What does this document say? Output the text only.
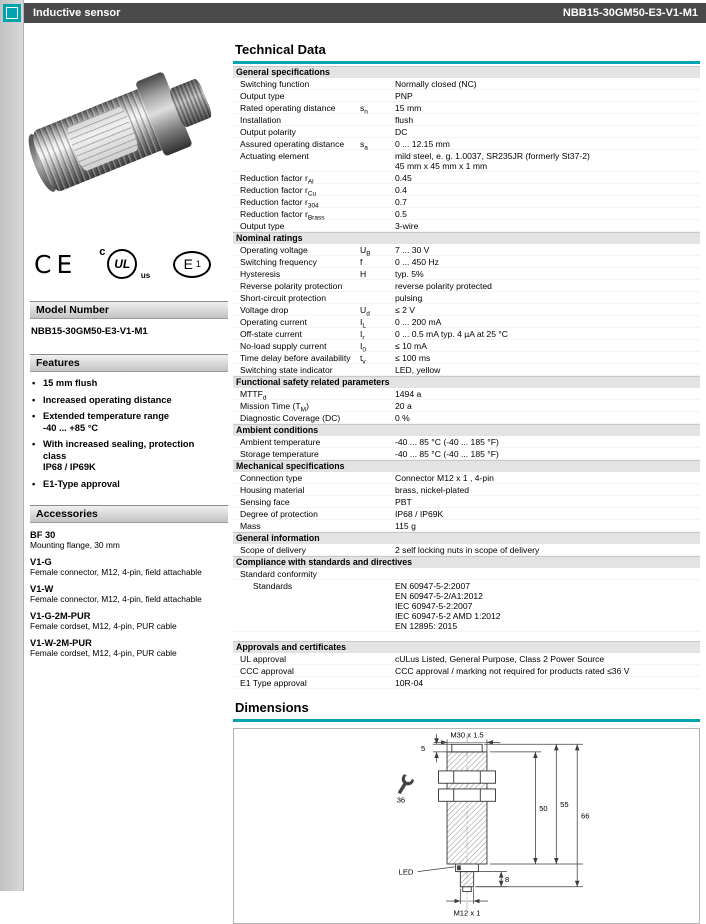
Inductive sensor	NBB15-30GM50-E3-V1-M1
CE	UL
c
us
E 1
Model Number
NBB15-30GM50-E3-V1-M1
Features
• 15 mm flush
• Increased operating distance
• Extended temperature range
-40 ... +85 °C
• With increased sealing, protection
class
IP68 / IP69K
• E1-Type approval
Accessories
BF 30
Mounting flange, 30 mm
V1-G
Female connector, M12, 4-pin, field attachable
V1-W
Female connector, M12, 4-pin, field attachable
V1-G-2M-PUR
Female cordset, M12, 4-pin, PUR cable
V1-W-2M-PUR
Female cordset, M12, 4-pin, PUR cable
Technical Data
General specifications
Switching function	Normally closed (NC)
Output type	PNP
Rated operating distance	$s_n$	15 mm
Installation	flush
Output polarity	DC
Assured operating distance	$s_a$	0 ... 12.15 mm
Actuating element	mild steel, e. g. 1.0037, SR235JR (formerly St37-2)
45 mm x 45 mm x 1 mm
Reduction factor $r_{Al}$	0.45
Reduction factor $r_{Cu}$	0.4
Reduction factor $r_{304}$	0.7
Reduction factor $r_{Brass}$	0.5
Output type	3-wire
Nominal ratings
Operating voltage	$U_B$	7 ... 30 V
Switching frequency	f	0 ... 450 Hz
Hysteresis	H	typ. 5%
Reverse polarity protection	reverse polarity protected
Short-circuit protection	pulsing
Voltage drop	$U_d$	≤ 2 V
Operating current	$I_L$	0 ... 200 mA
Off-state current	$I_r$	0 ... 0.5 mA typ. 4 µA at 25 °C
No-load supply current	$I_0$	≤ 10 mA
Time delay before availability	$t_v$	≤ 100 ms
Switching state indicator	LED, yellow
Functional safety related parameters
$MTTF_d$	1494 a
Mission Time $(T_M)$	20 a
Diagnostic Coverage (DC)	0 %
Ambient conditions
Ambient temperature	-40 ... 85 °C (-40 ... 185 °F)
Storage temperature	-40 ... 85 °C (-40 ... 185 °F)
Mechanical specifications
Connection type	Connector M12 x 1 , 4-pin
Housing material	brass, nickel-plated
Sensing face	PBT
Degree of protection	IP68 / IP69K
Mass	115 g
General information
Scope of delivery	2 self locking nuts in scope of delivery
Compliance with standards and directives
Standard conformity
Standards	EN 60947-5-2:2007
EN 60947-5-2/A1:2012
IEC 60947-5-2:2007
IEC 60947-5-2 AMD 1:2012
EN 12895: 2015
Approvals and certificates
UL approval	cULus Listed, General Purpose, Class 2 Power Source
CCC approval	CCC approval / marking not required for products rated ≤36 V
E1 Type approval	10R-04
Dimensions
M30 x 1.5
5
36
50 55
66
LED
8
M12 x 1
